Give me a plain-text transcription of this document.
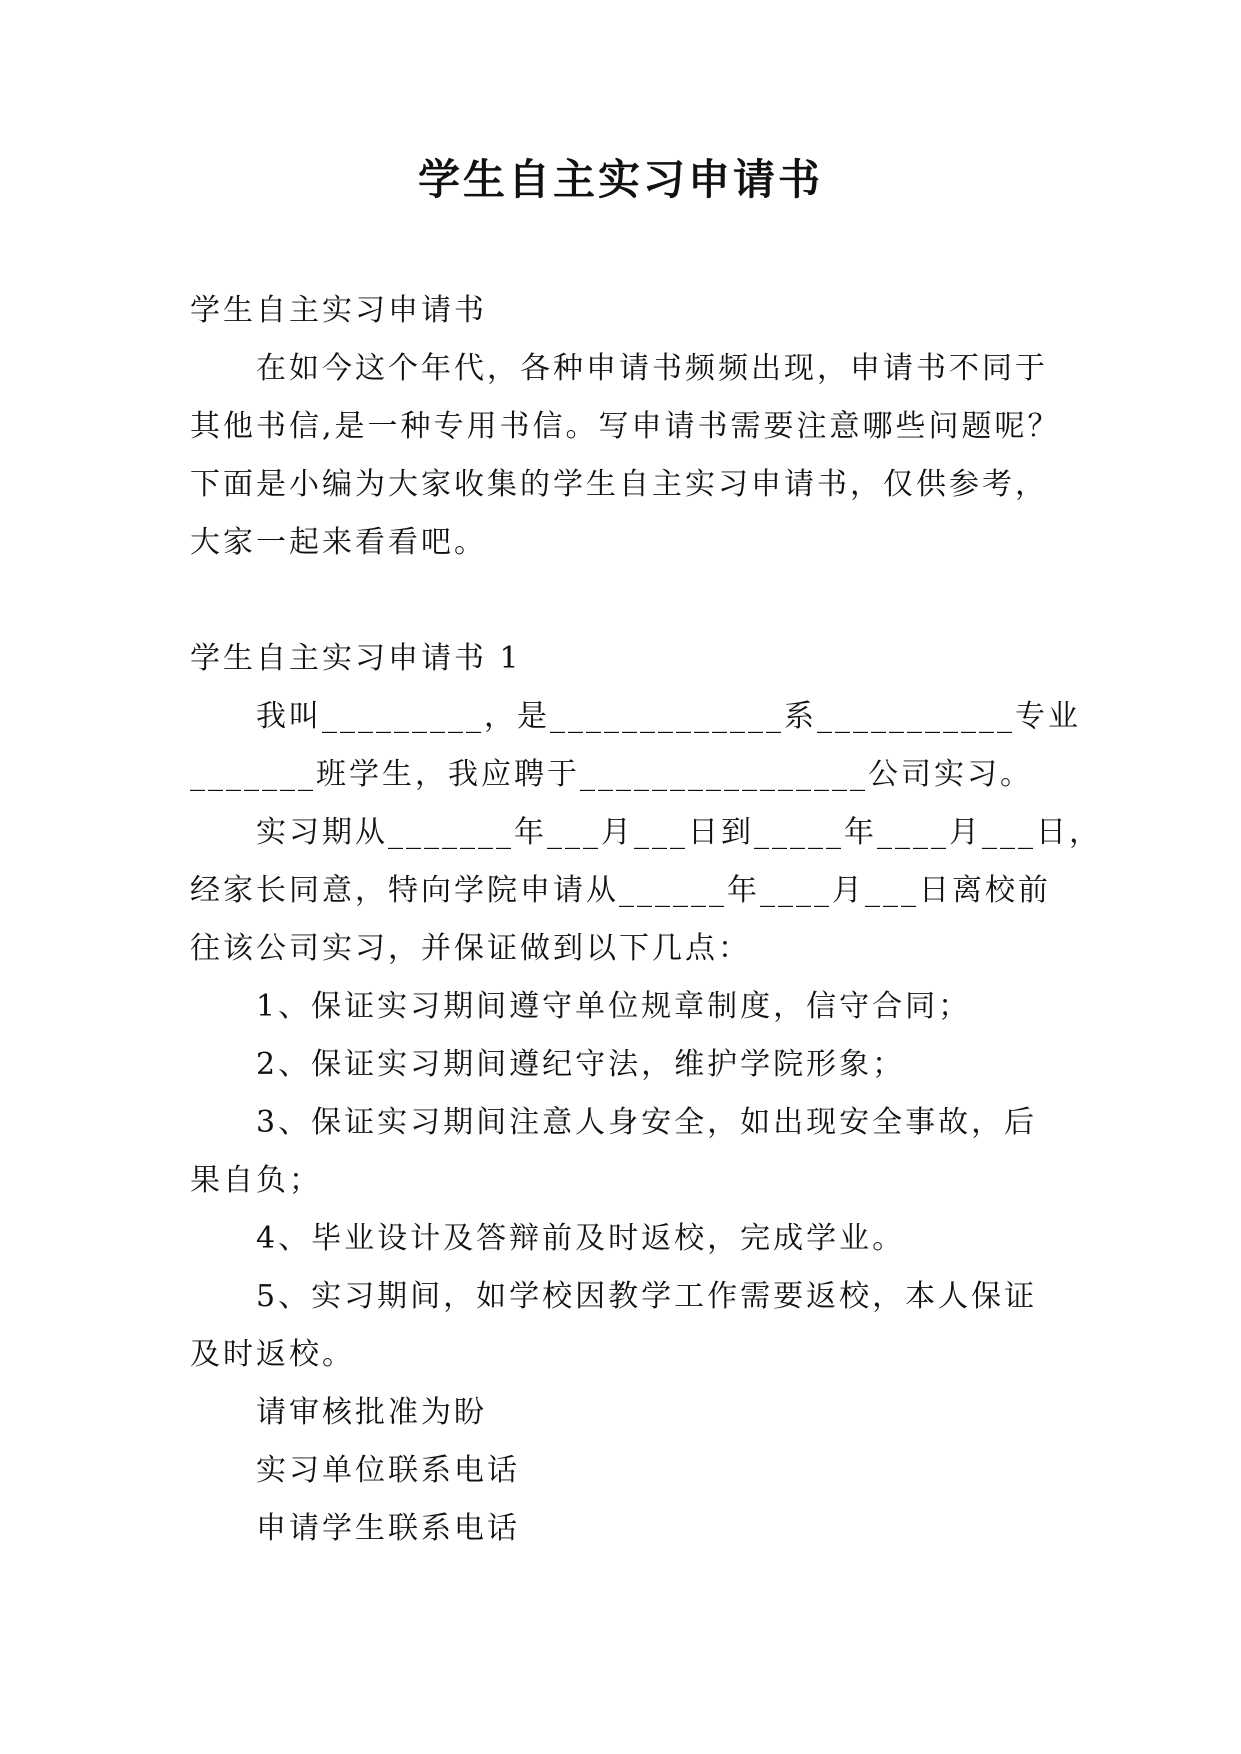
学生自主实习申请书

学生自主实习申请书

在如今这个年代，各种申请书频频出现，申请书不同于

其他书信,是一种专用书信。写申请书需要注意哪些问题呢？

下面是小编为大家收集的学生自主实习申请书，仅供参考，

大家一起来看看吧。

学生自主实习申请书 1

我叫_________，是_____________系___________专业

_______班学生，我应聘于________________公司实习。

实习期从_______年___月___日到_____年____月___日，

经家长同意，特向学院申请从______年____月___日离校前

往该公司实习，并保证做到以下几点：

1、保证实习期间遵守单位规章制度，信守合同；

2、保证实习期间遵纪守法，维护学院形象；

3、保证实习期间注意人身安全，如出现安全事故，后

果自负；

4、毕业设计及答辩前及时返校，完成学业。

5、实习期间，如学校因教学工作需要返校，本人保证

及时返校。

请审核批准为盼

实习单位联系电话

申请学生联系电话
